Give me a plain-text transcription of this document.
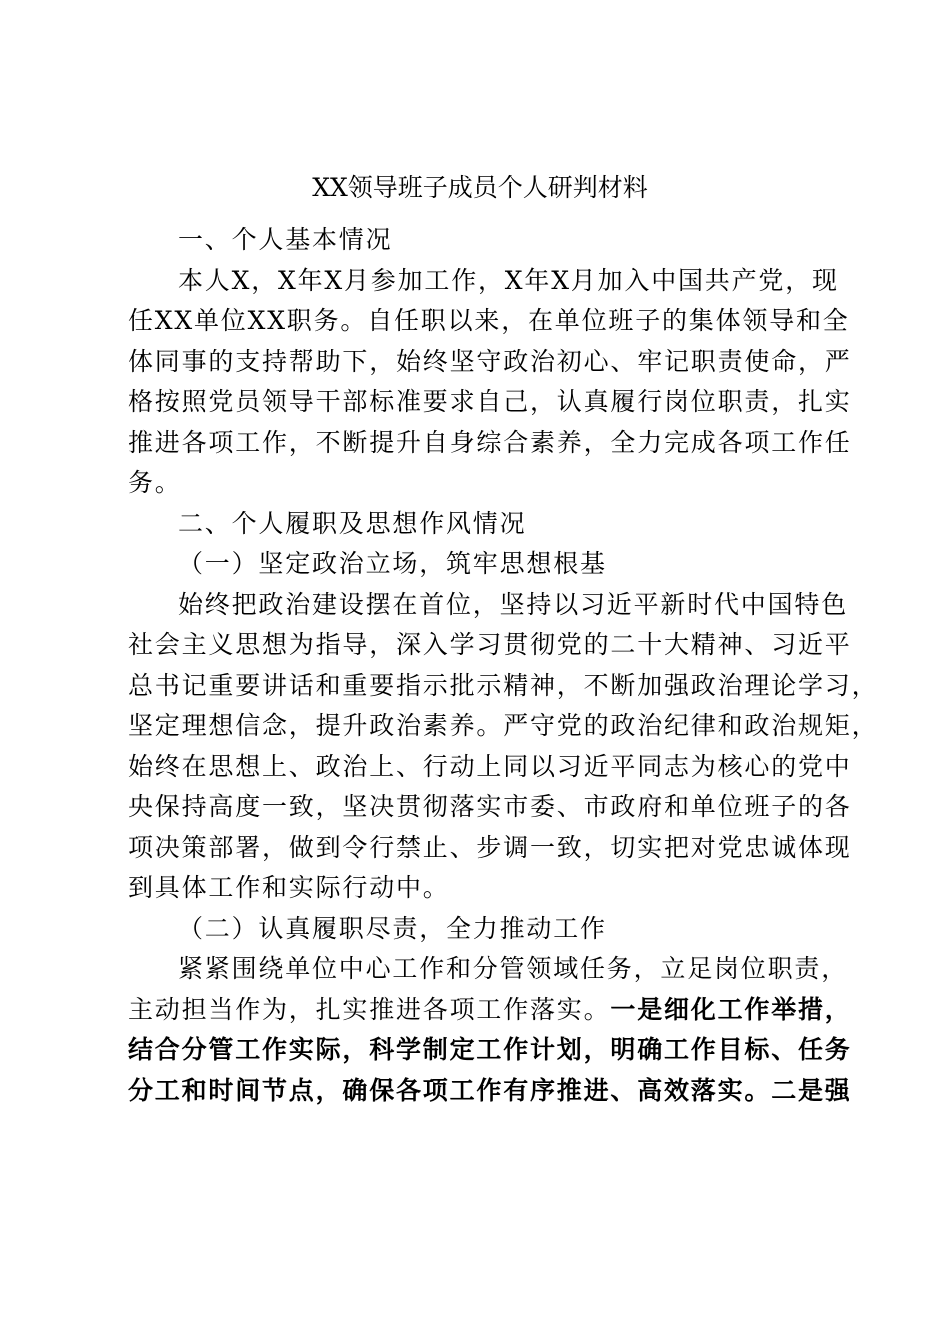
XX领导班子成员个人研判材料

一、个人基本情况

本人X，X年X月参加工作，X年X月加入中国共产党，现

任XX单位XX职务。自任职以来，在单位班子的集体领导和全

体同事的支持帮助下，始终坚守政治初心、牢记职责使命，严

格按照党员领导干部标准要求自己，认真履行岗位职责，扎实

推进各项工作，不断提升自身综合素养，全力完成各项工作任

务。

二、个人履职及思想作风情况

（一）坚定政治立场，筑牢思想根基

始终把政治建设摆在首位，坚持以习近平新时代中国特色

社会主义思想为指导，深入学习贯彻党的二十大精神、习近平

总书记重要讲话和重要指示批示精神，不断加强政治理论学习，

坚定理想信念，提升政治素养。严守党的政治纪律和政治规矩，

始终在思想上、政治上、行动上同以习近平同志为核心的党中

央保持高度一致，坚决贯彻落实市委、市政府和单位班子的各

项决策部署，做到令行禁止、步调一致，切实把对党忠诚体现

到具体工作和实际行动中。

（二）认真履职尽责，全力推动工作

紧紧围绕单位中心工作和分管领域任务，立足岗位职责，

主动担当作为，扎实推进各项工作落实。一是细化工作举措，

结合分管工作实际，科学制定工作计划，明确工作目标、任务

分工和时间节点，确保各项工作有序推进、高效落实。二是强
